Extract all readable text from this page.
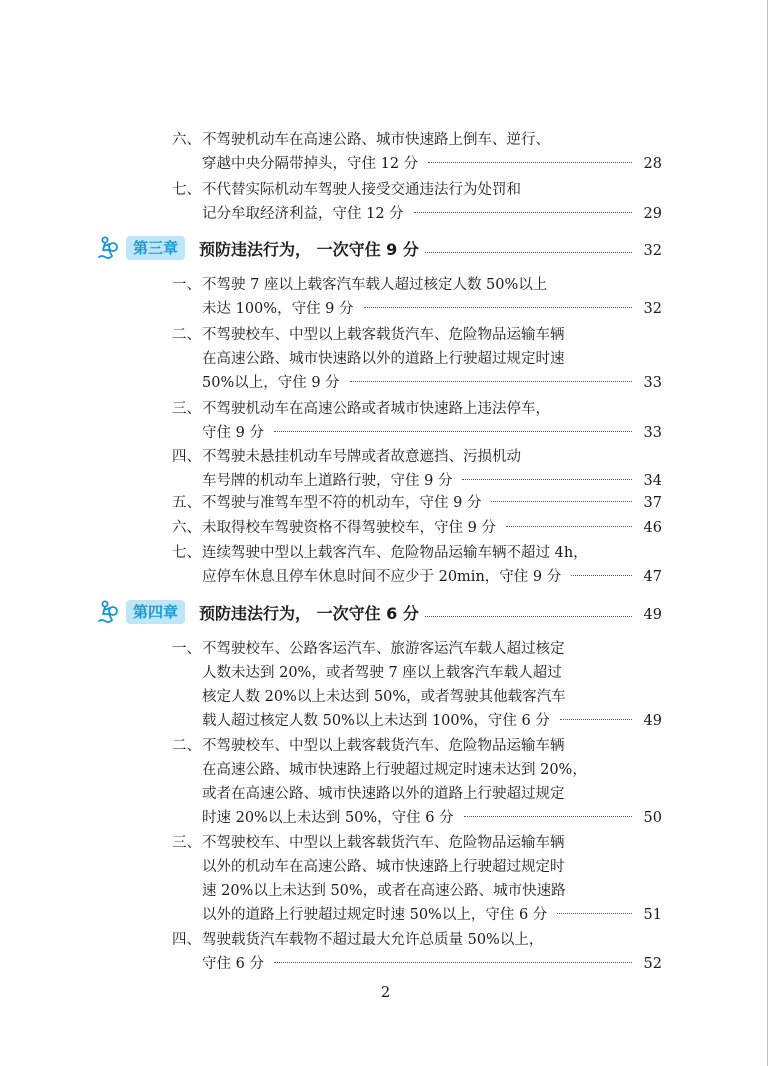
六、 不驾驶机动车在高速公路、城市快速路上倒车、逆行、
穿越中央分隔带掉头，守住 12 分	28
七、 不代替实际机动车驾驶人接受交通违法行为处罚和
记分牟取经济利益，守住 12 分	29
第三章	预防违法行为， 一次守住 9 分	32
一、 不驾驶 7 座以上载客汽车载人超过核定人数 50%以上
未达 100%，守住 9 分	32
二、 不驾驶校车、中型以上载客载货汽车、危险物品运输车辆
在高速公路、城市快速路以外的道路上行驶超过规定时速
50%以上，守住 9 分	33
三、 不驾驶机动车在高速公路或者城市快速路上违法停车，
守住 9 分	33
四、 不驾驶未悬挂机动车号牌或者故意遮挡、污损机动
车号牌的机动车上道路行驶，守住 9 分	34
五、 不驾驶与准驾车型不符的机动车，守住 9 分	37
六、 未取得校车驾驶资格不得驾驶校车，守住 9 分	46
七、 连续驾驶中型以上载客汽车、危险物品运输车辆不超过 4h，
应停车休息且停车休息时间不应少于 20min，守住 9 分	47
第四章	预防违法行为， 一次守住 6 分	49
一、 不驾驶校车、公路客运汽车、旅游客运汽车载人超过核定
人数未达到 20%，或者驾驶 7 座以上载客汽车载人超过
核定人数 20%以上未达到 50%，或者驾驶其他载客汽车
载人超过核定人数 50%以上未达到 100%，守住 6 分	49
二、 不驾驶校车、中型以上载客载货汽车、危险物品运输车辆
在高速公路、城市快速路上行驶超过规定时速未达到 20%，
或者在高速公路、城市快速路以外的道路上行驶超过规定
时速 20%以上未达到 50%，守住 6 分	50
三、 不驾驶校车、中型以上载客载货汽车、危险物品运输车辆
以外的机动车在高速公路、城市快速路上行驶超过规定时
速 20%以上未达到 50%，或者在高速公路、城市快速路
以外的道路上行驶超过规定时速 50%以上，守住 6 分	51
四、 驾驶载货汽车载物不超过最大允许总质量 50%以上，
守住 6 分	52
2
